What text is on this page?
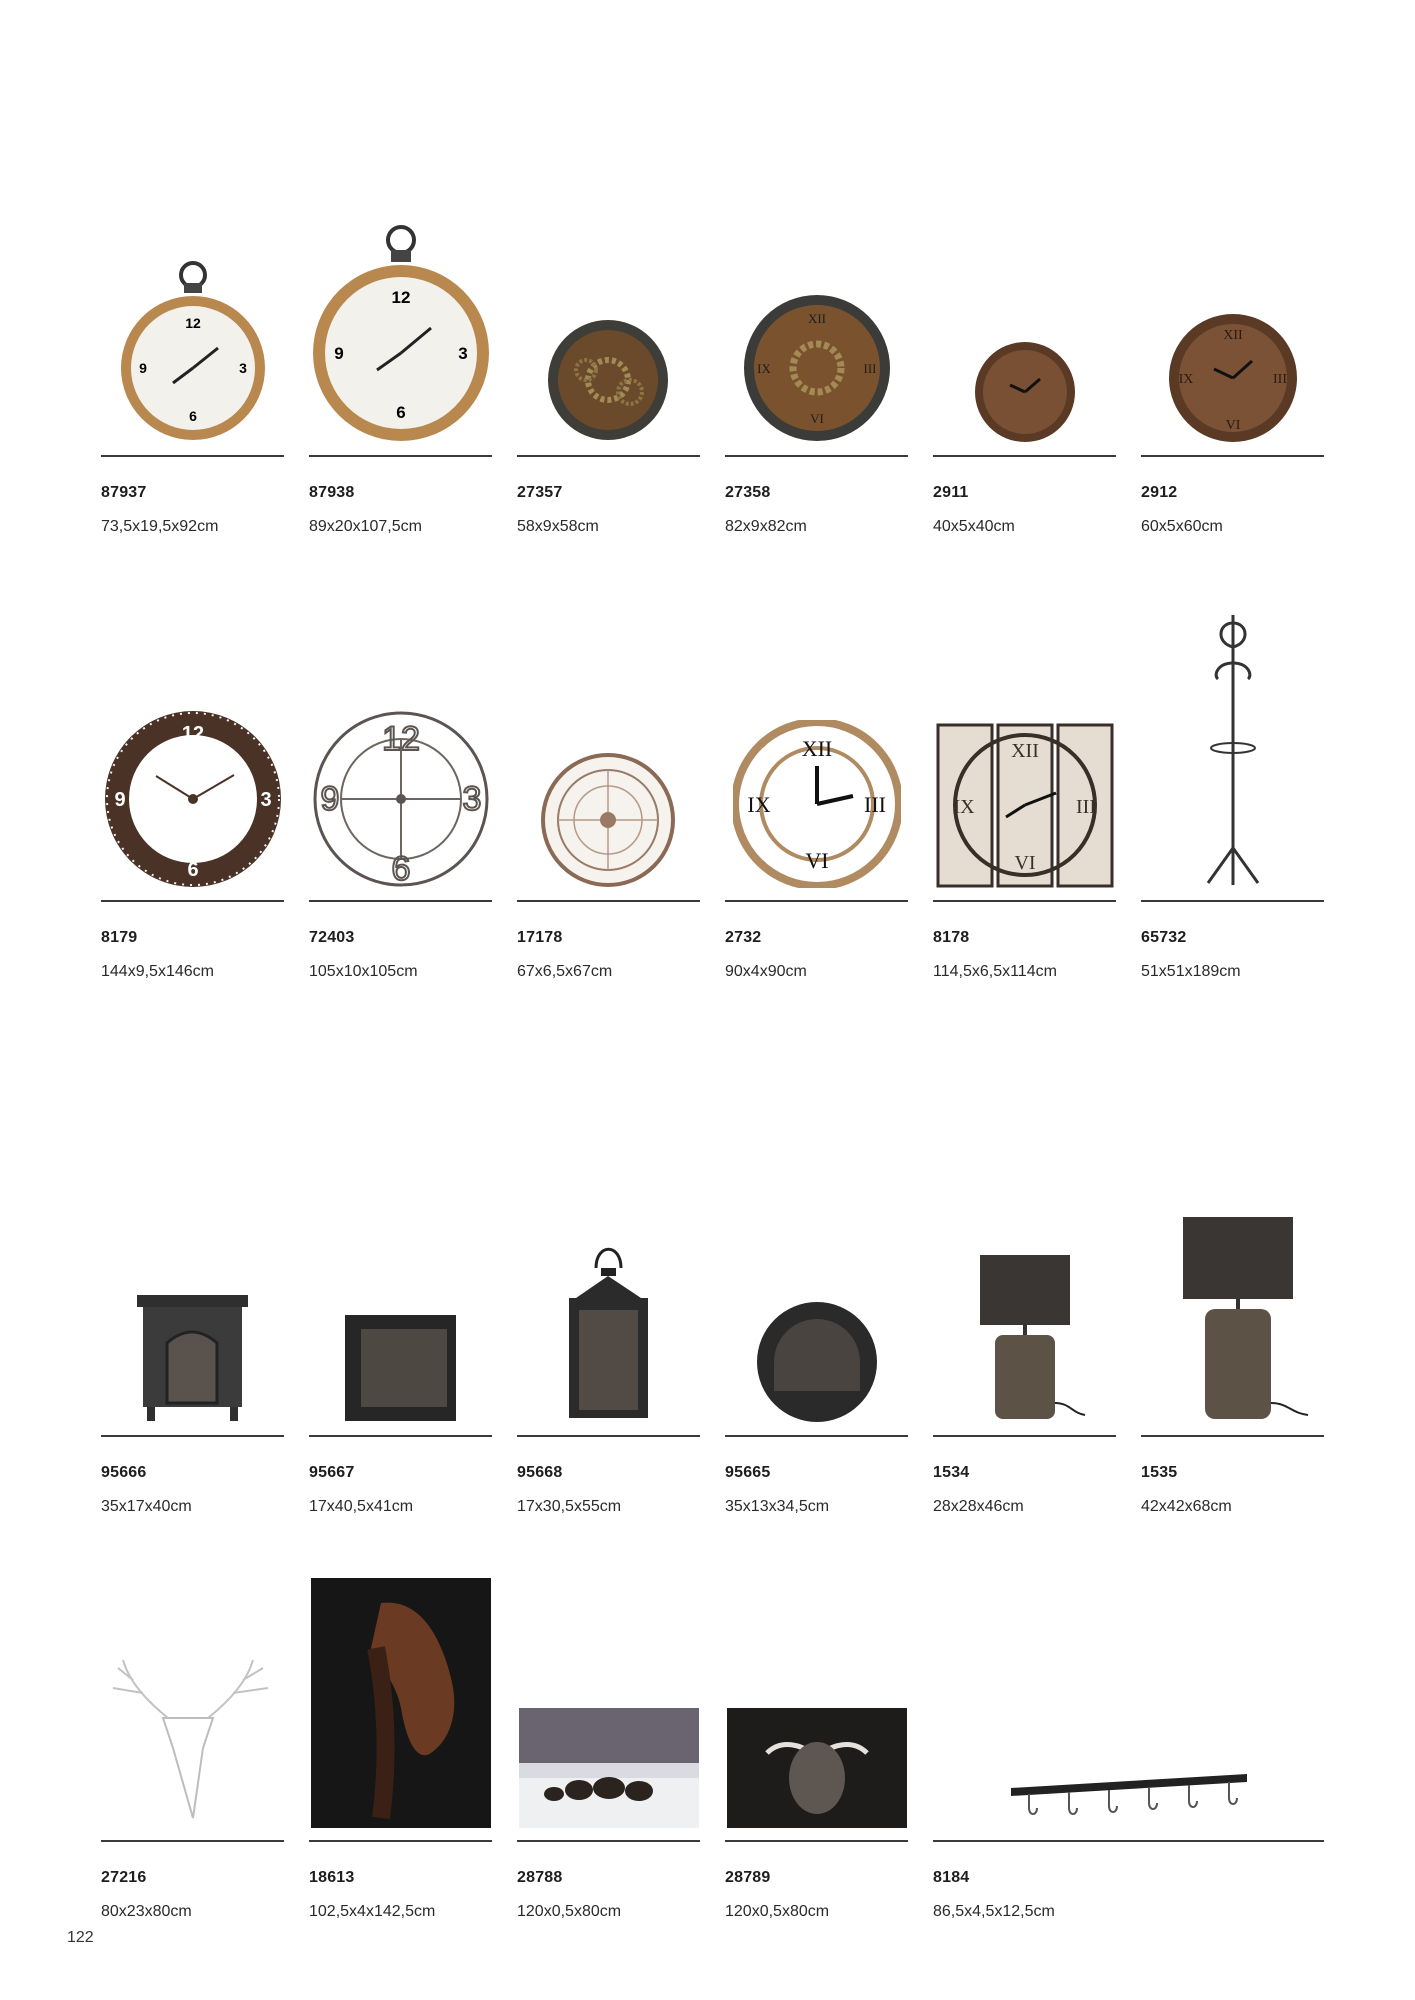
12
3
6
9
87937
73,5x19,5x92cm
12
3
6
9
87938
89x20x107,5cm
27357
58x9x58cm
XII
III
VI
IX
27358
82x9x82cm
2911
40x5x40cm
XII
III
VI
IX
2912
60x5x60cm
12
3
6
9
8179
144x9,5x146cm
12
3
6
9
72403
105x10x105cm
17178
67x6,5x67cm
XII
III
VI
IX
2732
90x4x90cm
XII
III
VI
IX
8178
114,5x6,5x114cm
65732
51x51x189cm
95666
35x17x40cm
95667
17x40,5x41cm
95668
17x30,5x55cm
95665
35x13x34,5cm
1534
28x28x46cm
1535
42x42x68cm
27216
80x23x80cm
18613
102,5x4x142,5cm
28788
120x0,5x80cm
28789
120x0,5x80cm
8184
86,5x4,5x12,5cm
122
